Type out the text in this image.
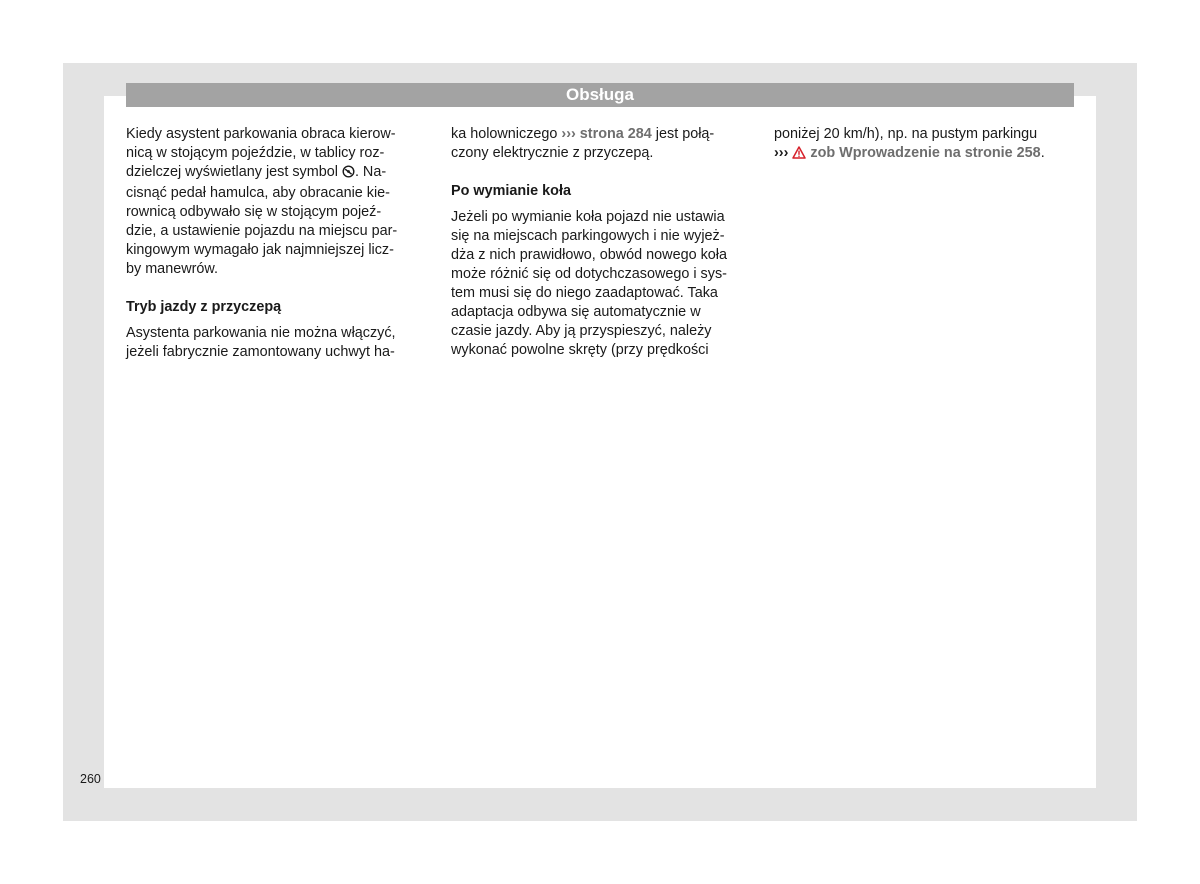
Obsługa

Kiedy asystent parkowania obraca kierow-
nicą w stojącym pojeździe, w tablicy roz-
dzielczej wyświetlany jest symbol . Na-
cisnąć pedał hamulca, aby obracanie kie-
rownicą odbywało się w stojącym pojeź-
dzie, a ustawienie pojazdu na miejscu par-
kingowym wymagało jak najmniejszej licz-
by manewrów.

Tryb jazdy z przyczepą

Asystenta parkowania nie można włączyć,
jeżeli fabrycznie zamontowany uchwyt ha-

ka holowniczego ››› strona 284 jest połą-
czony elektrycznie z przyczepą.

Po wymianie koła

Jeżeli po wymianie koła pojazd nie ustawia
się na miejscach parkingowych i nie wyjeż-
dża z nich prawidłowo, obwód nowego koła
może różnić się od dotychczasowego i sys-
tem musi się do niego zaadaptować. Taka
adaptacja odbywa się automatycznie w
czasie jazdy. Aby ją przyspieszyć, należy
wykonać powolne skręty (przy prędkości

poniżej 20 km/h), np. na pustym parkingu
››› zob Wprowadzenie na stronie 258.

260
